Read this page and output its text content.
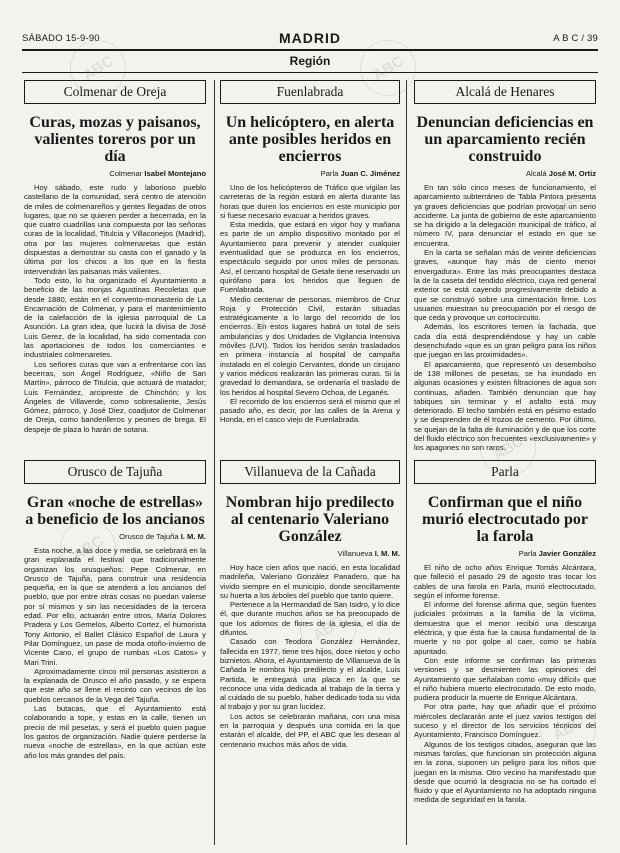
SÁBADO 15-9-90	MADRID	A B C / 39
Región
Colmenar de Oreja
Curas, mozas y paisanos, valientes toreros por un día
Colmenar Isabel Montejano

Hoy sábado, este rudo y laborioso pueblo castellano de la comunidad, será centro de atención de miles de colmenareños y gentes llegadas de otros lugares, que no se quieren perder a becerrada, en la que cuatro cuadrillas una compuesta por las señoras curas de la localidad, Titulcia y Villaconejos (Madrid), otra por las mujeres colmenaretas que están dispuestas a demostrar su casta con el ganado y la última por los chicos a los que en la fiesta intervendrán las paisanas más valientes.

Todo esto, lo ha organizado el Ayuntamiento a beneficio de las monjas Agustinas Recoletas que desde 1880, están en el convento-monasterio de La Encarnación de Colmenar, y para el mantenimiento de la calefacción de la iglesia parroquial de La Asunción. La gran idea, que lucirá la divisa de José Luis Gerez, de la localidad, ha sido comentada con las aportaciones de todos los comerciantes e industriales colmenaretes.

Los señores curas que van a enfrentarse con las becerras, son Ángel Rodríguez, «Niño de San Martín», párroco de Titulcia, que actuará de matador; Luis Fernández, arcipreste de Chinchón; y los Ángeles de Villaverde, como sobresaliente, Jesús Gómez, párroco, y José Díez, coadjutor de Colmenar de Oreja, como banderilleros y peones de brega. El despeje de plaza lo harán de sotana.

Orusco de Tajuña
Gran «noche de estrellas» a beneficio de los ancianos
Orusco de Tajuña I. M. M.

Esta noche, a las doce y media, se celebrará en la gran explanada el festival que tradicionalmente organizan los orusqueños: Pepe Colmenar, en Orusco de Tajuña, para construir una residencia pequeña, en la que se atenderá a los ancianos del pueblo, que por entre otras cosas no puedan valerse por sí mismos y sin las necesidades de la tercera edad. Por ello, actuarán entre otros, María Dolores Pradera y Los Gemelos, Alberto Cortez, el humorista Tony Antonio, el Ballet Clásico Español de Laura y Pilar Domínguez, un pase de moda otoño-invierno de Vicente Cano, el grupo de rumbas «Los Catos» y Mari Trini.

Aproximadamente cinco mil personas asistieron a la explanada de Orusco el año pasado, y se espera que este año se llene el recinto con vecinos de los pueblos cercanos de la Vega del Tajuña.

Las butacas, que el Ayuntamiento está colaborando a tope, y estas en la calle, tienen un precio de mil pesetas, y será el pueblo quien pague los gastos de organización. Nadie quiere perderse la nueva «noche de estrellas», en la que actúan este año los más grandes del país.

Fuenlabrada
Un helicóptero, en alerta ante posibles heridos en encierros
Parla Juan C. Jiménez

Uno de los helicópteros de Tráfico que vigilan las carreteras de la región estará en alerta durante las horas que duren los encierros en este municipio por si fuese necesario evacuar a heridos graves.

Esta medida, que estará en vigor hoy y mañana es parte de un amplio dispositivo montado por el Ayuntamiento para prevenir y atender cualquier eventualidad que se produzca en los encierros, espectáculo seguido por unos miles de personas. Así, el cercano hospital de Getafe tiene reservado un quirófano para los heridos que lleguen de Fuenlabrada.

Medio centenar de personas, miembros de Cruz Roja y Protección Civil, estarán situadas estratégicamente a lo largo del recorrido de los encierros. En estos lugares habrá un total de seis ambulancias y dos Unidades de Vigilancia Intensiva móviles (UVI). Todos los heridos serán trasladados en primera instancia al hospital de campaña instalado en el colegio Cervantes, donde un cirujano y varios médicos realizarán las primeras curas. Si la gravedad lo demandara, se ordenaría el traslado de los heridos al hospital Severo Ochoa, de Leganés.

El recorrido de los encierros será el mismo que el pasado año, es decir, por las calles de la Arena y Honda, en el casco viejo de Fuenlabrada.

Villanueva de la Cañada
Nombran hijo predilecto al centenario Valeriano González
Villanueva I. M. M.

Hoy hace cien años que nació, en esta localidad madrileña, Valeriano González Panadero, que ha vivido siempre en el municipio, donde sencillamente su huerta a los árboles del pueblo que tanto quiere.

Pertenece a la Hermandad de San Isidro, y lo dice él, que durante muchos años se ha preocupado de que los adornos de flores de la iglesia, el día de difuntos.

Casado con Teodora González Hernández, fallecida en 1977, tiene tres hijos, doce nietos y ocho biznietos. Ahora, el Ayuntamiento de Villanueva de la Cañada le nombra hijo predilecto y el alcalde, Luis Partida, le entregará una placa en la que se reconoce una vida dedicada al trabajo de la tierra y al cuidado de su pueblo, haber dedicado toda su vida al trabajo y por su gran lucidez.

Los actos se celebrarán mañana, con una misa en la parroquia y después una comida en la que estarán el alcalde, del PP, el ABC que les desean al centenario muchos más años de vida.

Alcalá de Henares
Denuncian deficiencias en un aparcamiento recién construido
Alcalá José M. Ortiz

En tan sólo cinco meses de funcionamiento, el aparcamiento subterráneo de Tabla Pintora presenta ya graves deficiencias que podrían provocar un serio accidente. La junta de gobierno de este aparcamiento se ha dirigido a la delegación municipal de tráfico, al número IV, para denunciar el estado en que se encuentra.

En la carta se señalan más de veinte deficiencias graves, «aunque hay más de ciento menor envergadura». Entre las más preocupantes destaca la de la caseta del tendido eléctrico, cuya red general exterior se está cayendo progresivamente debido a que se construyó sobre una cimentación firme. Los usuarios muestran su preocupación por el riesgo de que ceda y provoque un cortocircuito.

Además, los escritores temen la fachada, que cada día está desprendiéndose y hay un cable desenchufado «que es un gran peligro para los niños que juegan en las proximidades».

El aparcamiento, que representó un desembolso de 138 millones de pesetas, se ha inundado en algunas ocasiones y existen filtraciones de agua son continuas, añaden. También denuncian que hay tabiques sin terminar y el asfalto está muy deteriorado. El techo también está en pésimo estado y se desprenden de él trozos de cemento. Por último, se quejan de la falta de iluminación y de que los corte del fluido eléctrico son frecuentes «exclusivamente» y los apagones no son raros.

Parla
Confirman que el niño murió electrocutado por la farola
Parla Javier González

El niño de ocho años Enrique Tomás Alcántara, que falleció el pasado 29 de agosto tras tocar los cables de una farola en Parla, murió electrocutado, según el informe forense.

El informe del forense afirma que, según fuentes judiciales próximas a la familia de la víctima, demuestra que el menor recibió una descarga eléctrica, y que ésta fue la causa fundamental de la muerte y no por golpe al caer, como se había apuntado.

Con este informe se confirman las primeras versiones y se desmienten las opiniones del Ayuntamiento que señalaban como «muy difícil» que el niño hubiera muerto electrocutado. De esto modo, pudiera producir la muerte de Enrique Alcántara.

Por otra parte, hay que añadir que el próximo miércoles declararán ante el juez varios testigos del suceso y el director de los servicios técnicos del Ayuntamiento, Francisco Domínguez.

Algunos de los testigos citados, aseguran que las mismas farolas, que funcionan sin protección alguna en la zona, suponen un peligro para los niños que juegan en la misma. Otro vecino ha manifestado que desde que ocurrió la desgracia no se ha cortado el fluido y que el Ayuntamiento no ha adoptado ninguna medida de seguridad en la farola.

ABC	ABC
ABC
ABC
ABC
ABC
ABC
ABC
